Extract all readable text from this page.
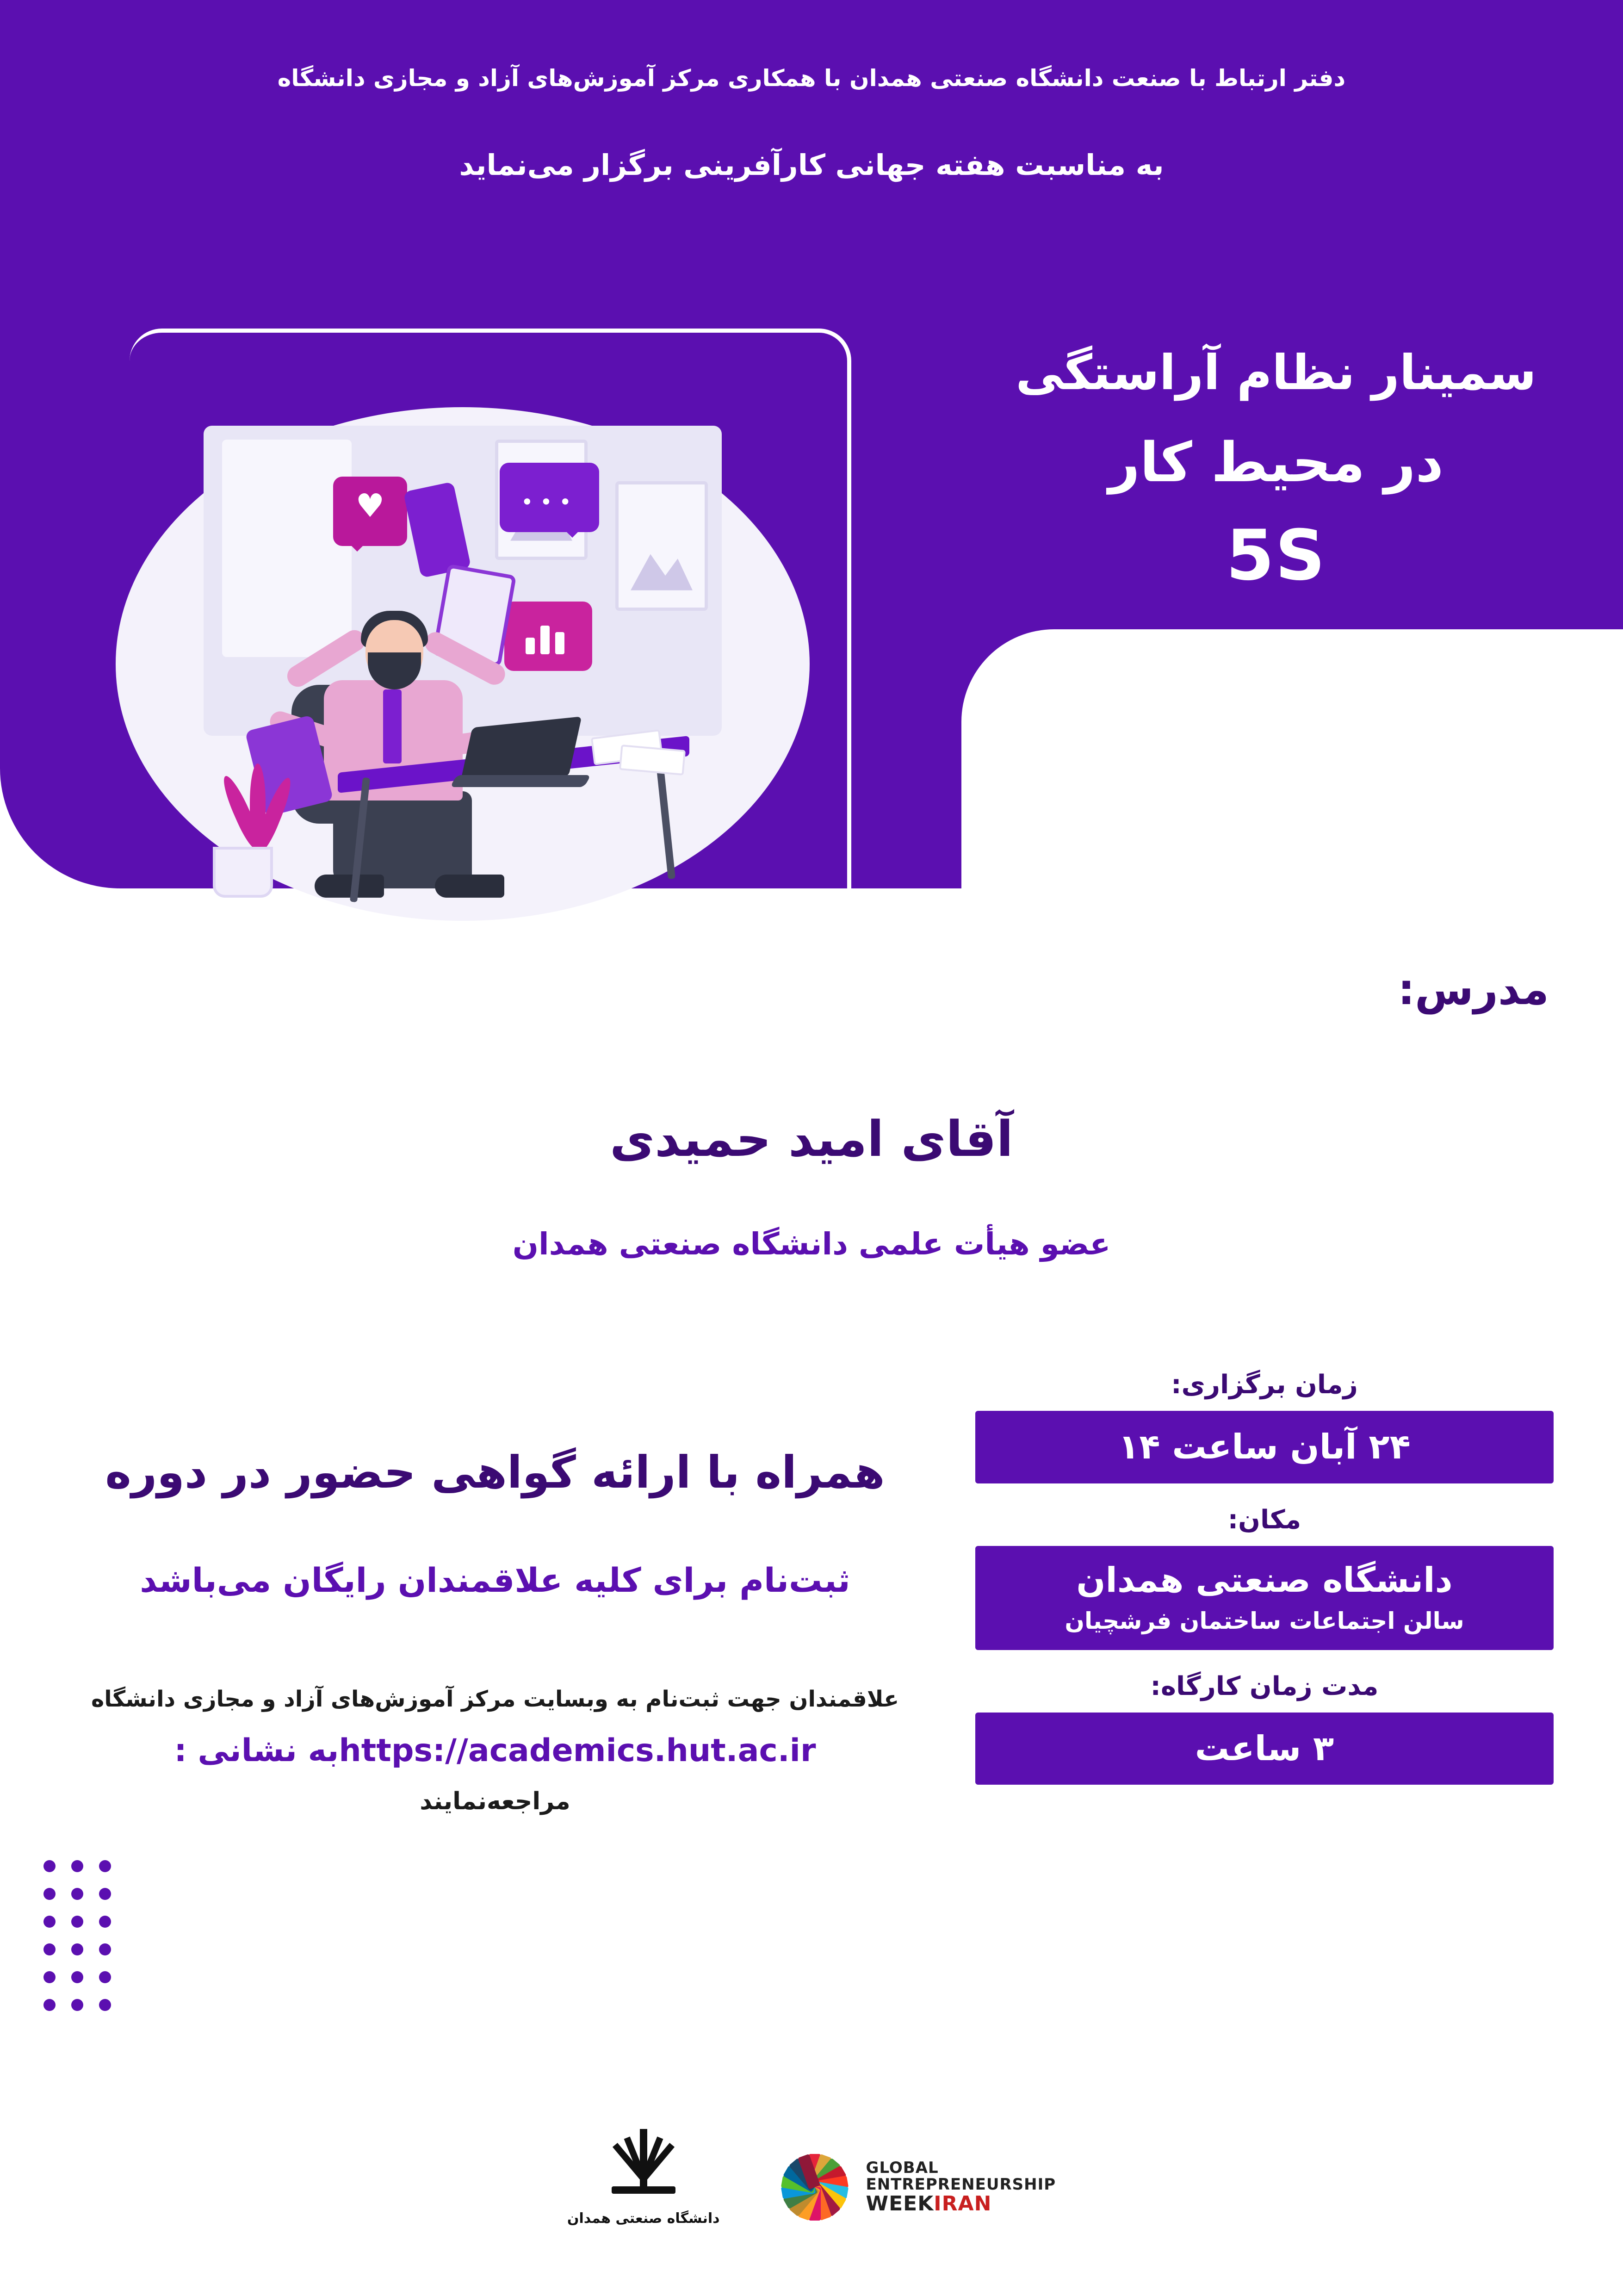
دفتر ارتباط با صنعت دانشگاه صنعتی همدان با همکاری مرکز آموزش‌های آزاد و مجازی دانشگاه
به مناسبت هفته جهانی کارآفرینی برگزار می‌نماید
سمینار نظام آراستگی
در محیط کار
5S
♥	•••
مدرس:
آقای امید حمیدی
عضو هیأت علمی دانشگاه صنعتی همدان
زمان برگزاری:
۲۴ آبان ساعت ۱۴
مکان:
دانشگاه صنعتی همدان
سالن اجتماعات ساختمان فرشچیان
مدت زمان کارگاه:
۳ ساعت
همراه با ارائه گواهی حضور در دوره
ثبت‌نام برای کلیه علاقمندان رایگان می‌باشد
علاقمندان جهت ثبت‌نام به وبسایت مرکز آموزش‌های آزاد و مجازی دانشگاه
https://academics.hut.ac.irبه نشانی :
مراجعه‌نمایند
GLOBAL
ENTREPRENEURSHIP
WEEKIRAN
دانشگاه صنعتی همدان
